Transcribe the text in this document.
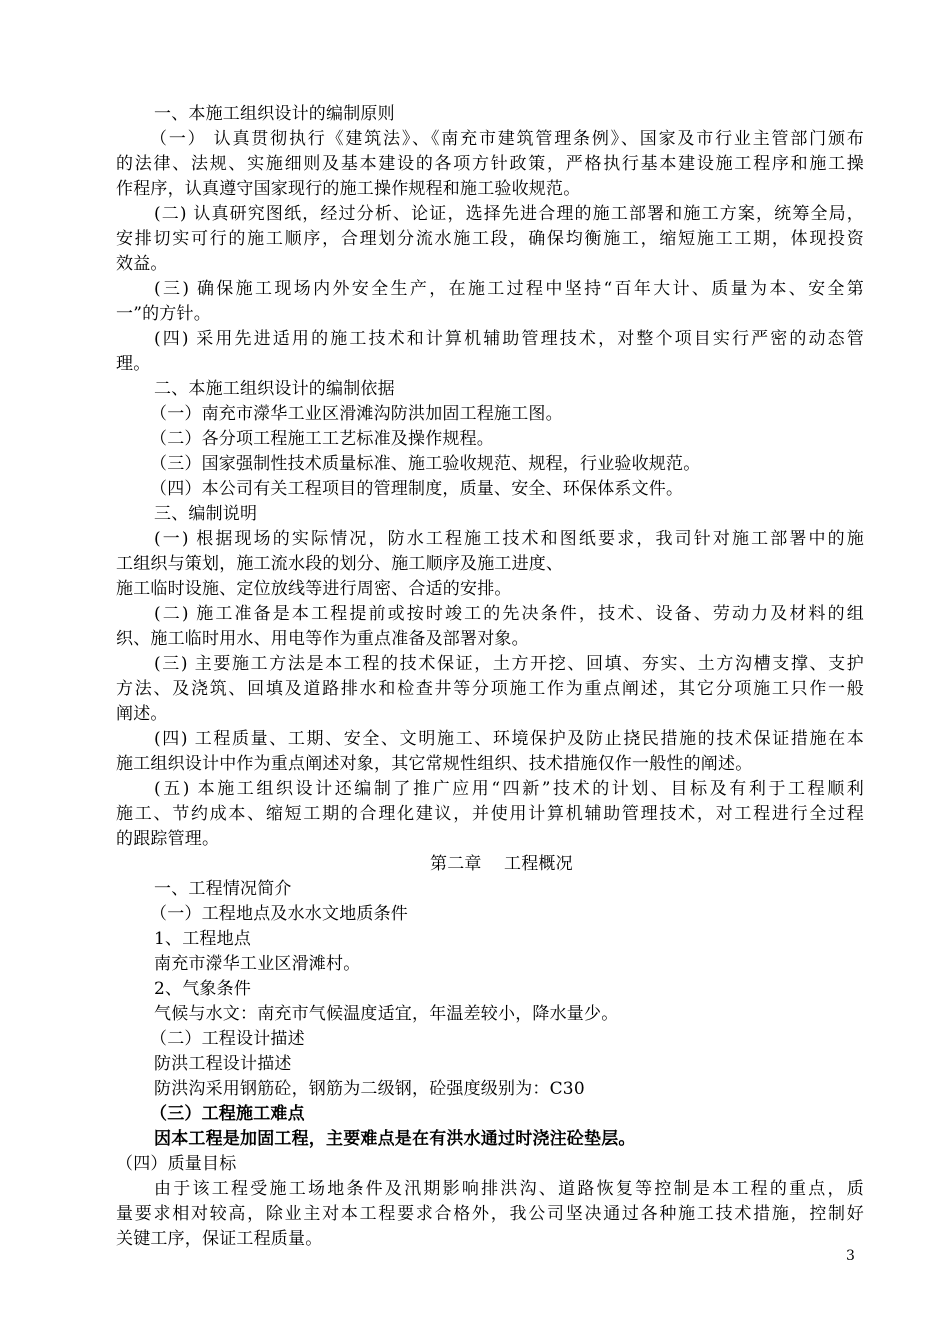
一、本施工组织设计的编制原则
（一） 认真贯彻执行《建筑法》、《南充市建筑管理条例》、国家及市行业主管部门颁布
的法律、法规、实施细则及基本建设的各项方针政策，严格执行基本建设施工程序和施工操
作程序，认真遵守国家现行的施工操作规程和施工验收规范。
(二) 认真研究图纸，经过分析、论证，选择先进合理的施工部署和施工方案，统筹全局，
安排切实可行的施工顺序，合理划分流水施工段，确保均衡施工，缩短施工工期，体现投资
效益。
(三) 确保施工现场内外安全生产，在施工过程中坚持“百年大计、质量为本、安全第
一”的方针。
(四) 采用先进适用的施工技术和计算机辅助管理技术，对整个项目实行严密的动态管
理。
二、本施工组织设计的编制依据
（一）南充市濴华工业区滑滩沟防洪加固工程施工图。
（二）各分项工程施工工艺标准及操作规程。
（三）国家强制性技术质量标准、施工验收规范、规程，行业验收规范。
（四）本公司有关工程项目的管理制度，质量、安全、环保体系文件。
三、编制说明
(一) 根据现场的实际情况，防水工程施工技术和图纸要求，我司针对施工部署中的施
工组织与策划，施工流水段的划分、施工顺序及施工进度、
施工临时设施、定位放线等进行周密、合适的安排。
(二) 施工准备是本工程提前或按时竣工的先决条件，技术、设备、劳动力及材料的组
织、施工临时用水、用电等作为重点准备及部署对象。
(三) 主要施工方法是本工程的技术保证，土方开挖、回填、夯实、土方沟槽支撑、支护
方法、及浇筑、回填及道路排水和检查井等分项施工作为重点阐述，其它分项施工只作一般
阐述。
(四) 工程质量、工期、安全、文明施工、环境保护及防止挠民措施的技术保证措施在本
施工组织设计中作为重点阐述对象，其它常规性组织、技术措施仅作一般性的阐述。
(五) 本施工组织设计还编制了推广应用“四新”技术的计划、目标及有利于工程顺利
施工、节约成本、缩短工期的合理化建议，并使用计算机辅助管理技术，对工程进行全过程
的跟踪管理。
第二章    工程概况
一、工程情况简介
（一）工程地点及水水文地质条件
1、工程地点
南充市濴华工业区滑滩村。
2、气象条件
气候与水文：南充市气候温度适宜，年温差较小，降水量少。
（二）工程设计描述
防洪工程设计描述
防洪沟采用钢筋砼，钢筋为二级钢，砼强度级别为：C30
（三）工程施工难点
因本工程是加固工程，主要难点是在有洪水通过时浇注砼垫层。
（四）质量目标
由于该工程受施工场地条件及汛期影响排洪沟、道路恢复等控制是本工程的重点，质
量要求相对较高，除业主对本工程要求合格外，我公司坚决通过各种施工技术措施，控制好
关键工序，保证工程质量。
3
